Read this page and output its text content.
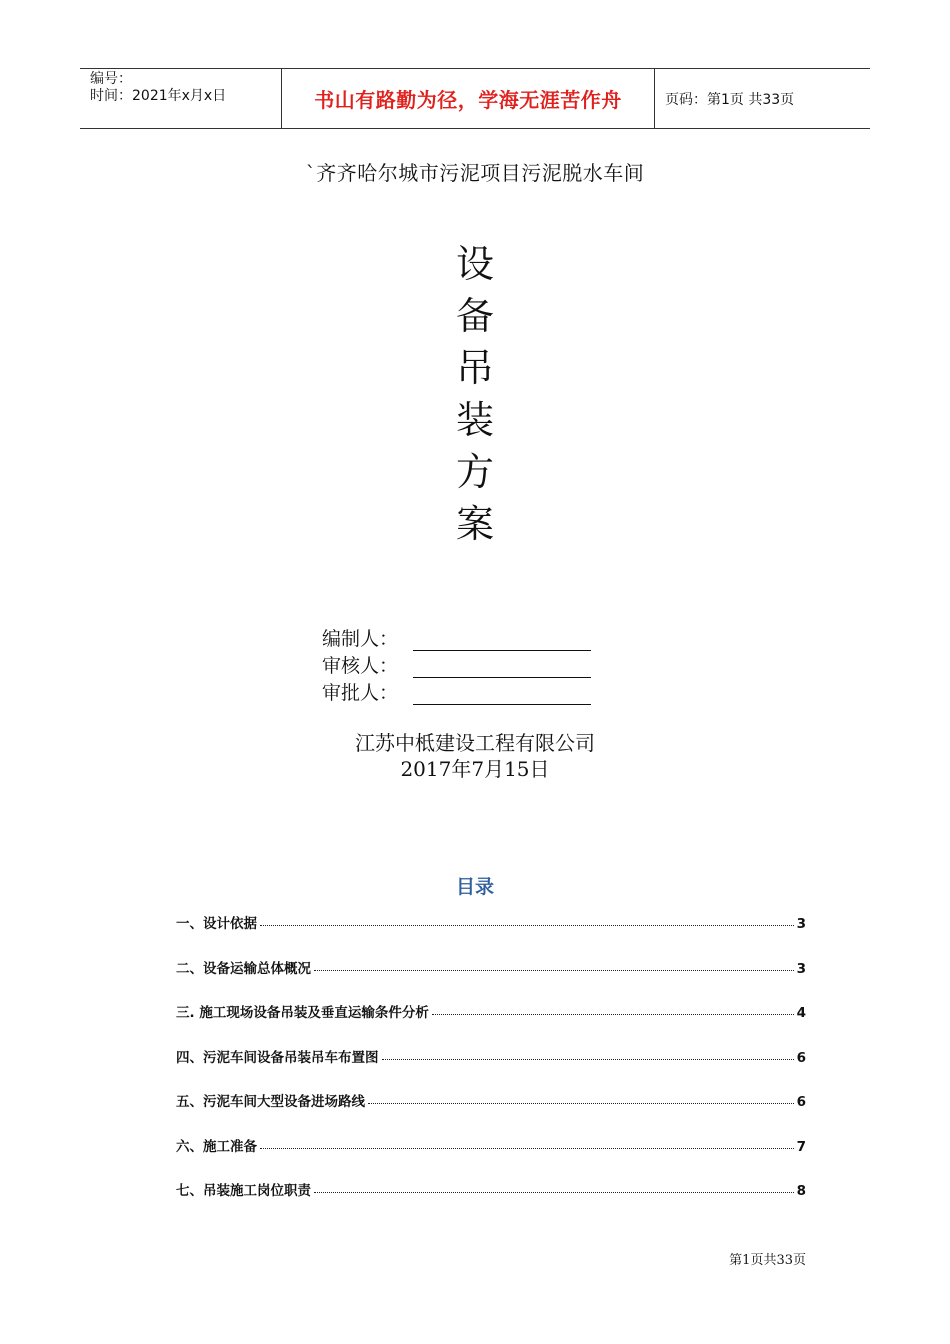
编号：
时间：2021年x月x日	书山有路勤为径，学海无涯苦作舟	页码：第1页 共33页
`齐齐哈尔城市污泥项目污泥脱水车间
设
备
吊
装
方
案
编制人：
审核人：
审批人：
江苏中柢建设工程有限公司
2017年7月15日
目录
一、设计依据	3
二、设备运输总体概况	3
三. 施工现场设备吊装及垂直运输条件分析	4
四、污泥车间设备吊装吊车布置图	6
五、污泥车间大型设备进场路线	6
六、施工准备	7
七、吊装施工岗位职责	8
第1页共33页
